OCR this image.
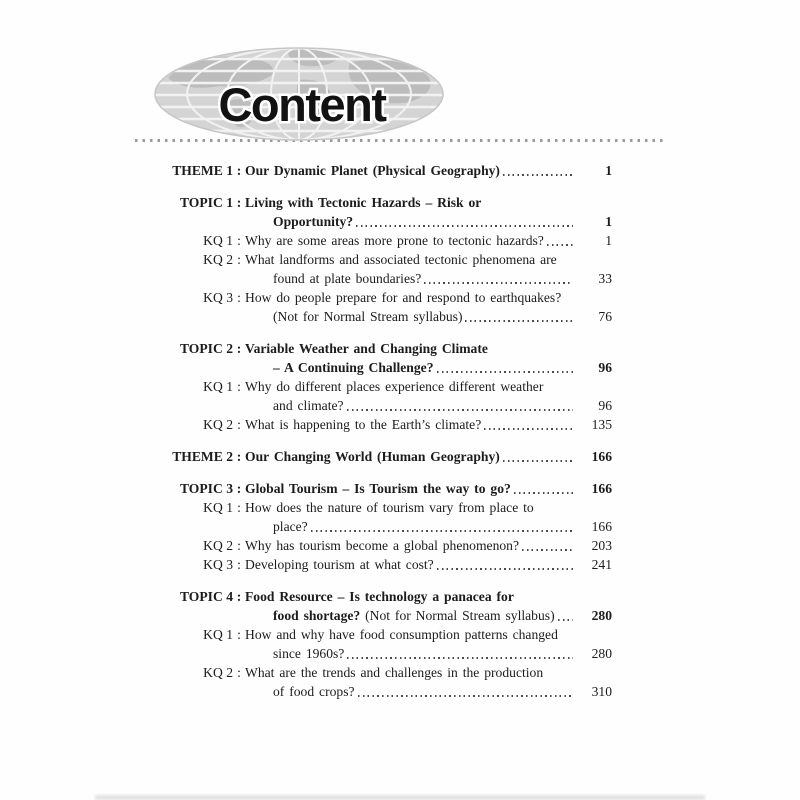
Content
THEME 1 : Our Dynamic Planet (Physical Geography)	1
TOPIC 1 : Living with Tectonic Hazards – Risk or
Opportunity?	1
KQ 1 : Why are some areas more prone to tectonic hazards?	1
KQ 2 : What landforms and associated tectonic phenomena are
found at plate boundaries?	33
KQ 3 : How do people prepare for and respond to earthquakes?
(Not for Normal Stream syllabus)	76
TOPIC 2 : Variable Weather and Changing Climate
– A Continuing Challenge?	96
KQ 1 : Why do different places experience different weather
and climate?	96
KQ 2 : What is happening to the Earth’s climate?	135
THEME 2 : Our Changing World (Human Geography)	166
TOPIC 3 : Global Tourism – Is Tourism the way to go?	166
KQ 1 : How does the nature of tourism vary from place to
place?	166
KQ 2 : Why has tourism become a global phenomenon?	203
KQ 3 : Developing tourism at what cost?	241
TOPIC 4 : Food Resource – Is technology a panacea for
food shortage? (Not for Normal Stream syllabus)	280
KQ 1 : How and why have food consumption patterns changed
since 1960s?	280
KQ 2 : What are the trends and challenges in the production
of food crops?	310
